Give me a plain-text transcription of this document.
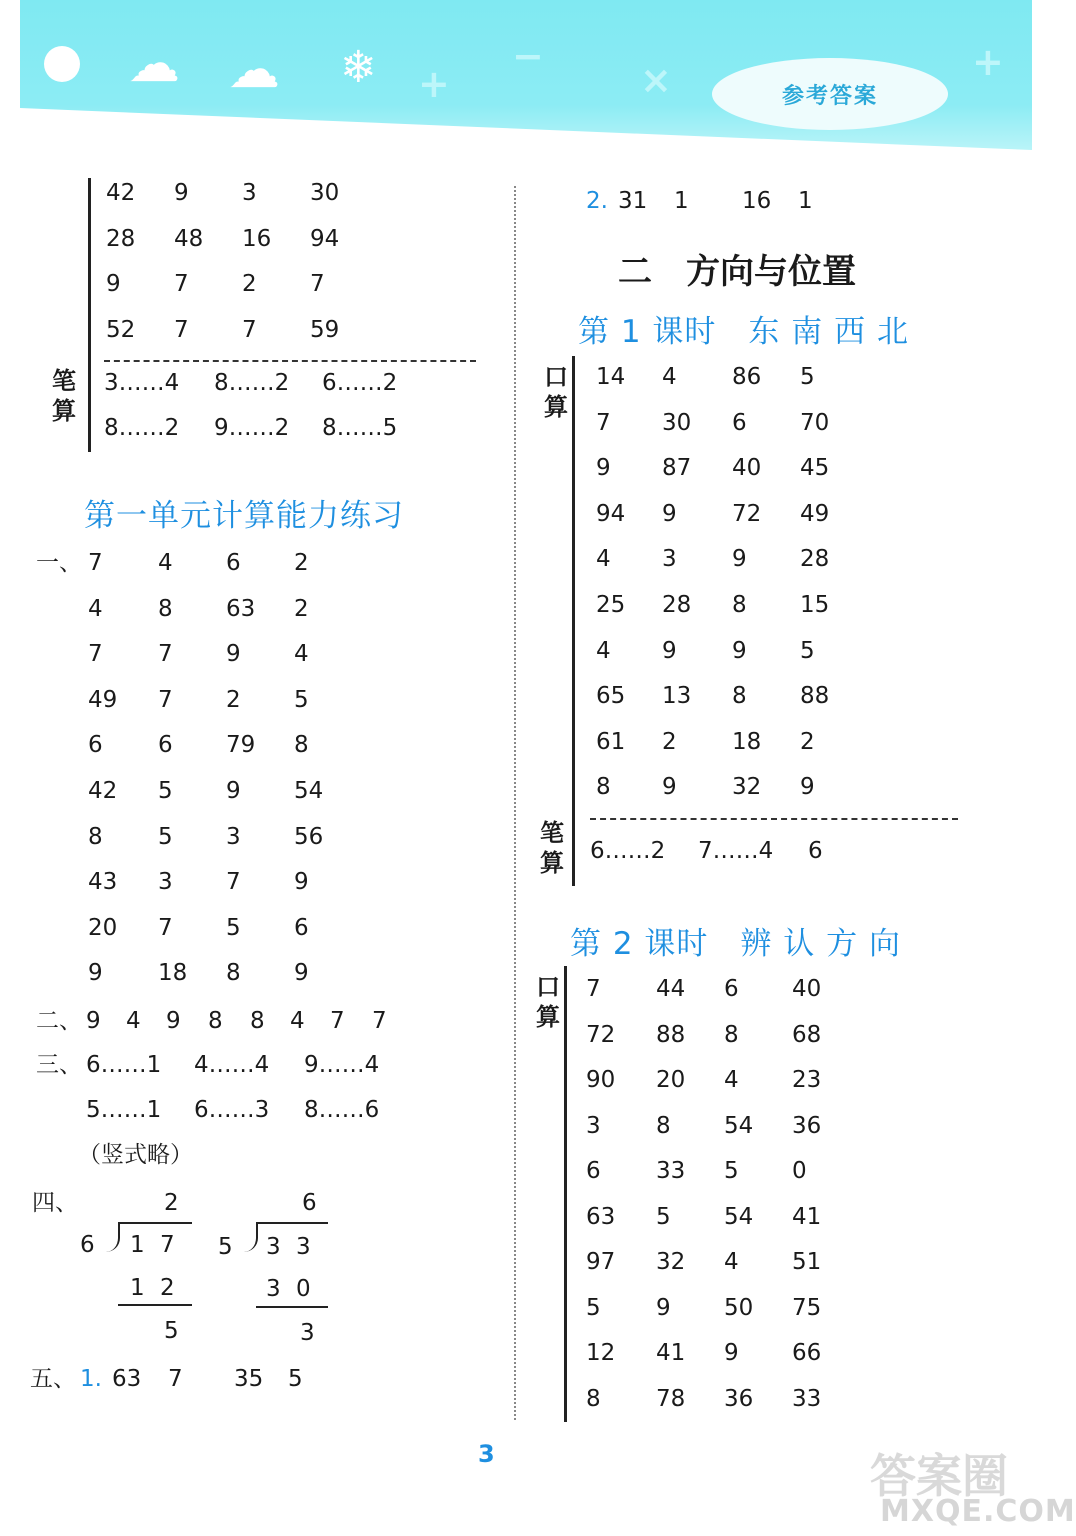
☁ ☁ ❄ +
−
×	+
参考答案
42 9 3 30
28 48 16 94
9 7 2 7
52 7 7 59
笔算
3……4 8……2 6……2
8……2 9……2 8……5
第一单元计算能力练习
一、 7 4 6 2
4 8 63 2
7 7 9 4
49 7 2 5
6 6 79 8
42 5 9 54
8 5 3 56
43 3 7 9
20 7 5 6
9 18 8 9
二、 9 4 9 8 8 4 7 7
三、 6……1 4……4 9……4
5……1 6……3 8……6
（竖式略）
四、	2
6 1 7
1 2
5
6
5 3 3
3 0
3
五、 1. 63 7 35 5
2. 31 1 16 1
二　方向与位置
第 1 课时　东 南 西 北
口算
14 4 86 5
7 30 6 70
9 87 40 45
94 9 72 49
4 3 9 28
25 28 8 15
4 9 9 5
65 13 8 88
61 2 18 2
8 9 32 9
笔算 6……2 7……4 6
第 2 课时　辨 认 方 向
口算
7 44 6 40
72 88 8 68
90 20 4 23
3 8 54 36
6 33 5 0
63 5 54 41
97 32 4 51
5 9 50 75
12 41 9 66
8 78 36 33
3	答案圈
MXQE.COM
